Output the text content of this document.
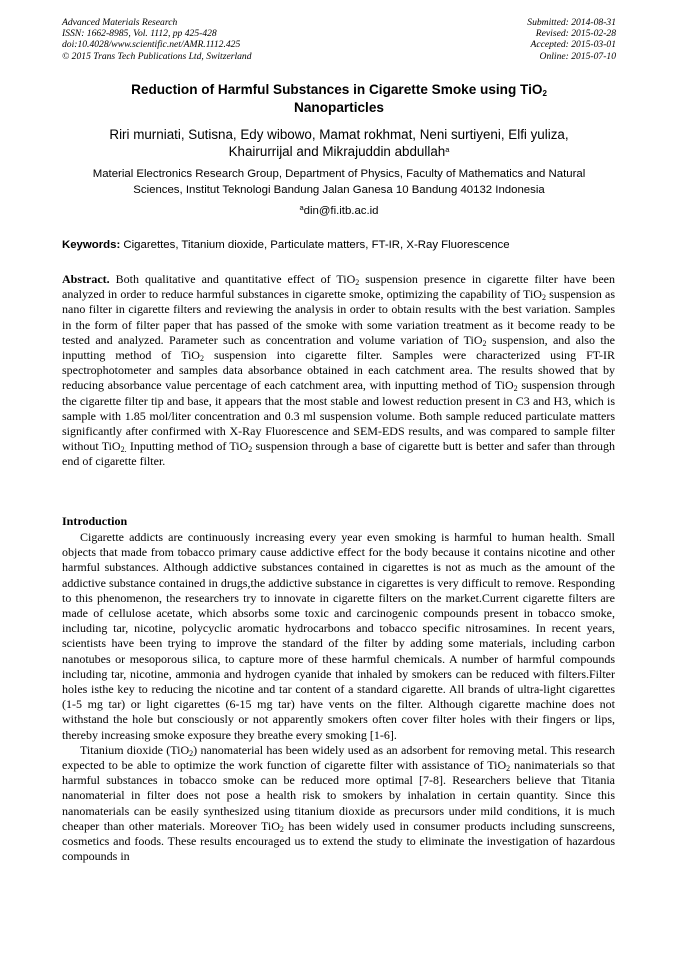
Advanced Materials Research
ISSN: 1662-8985, Vol. 1112, pp 425-428
doi:10.4028/www.scientific.net/AMR.1112.425
© 2015 Trans Tech Publications Ltd, Switzerland
Submitted: 2014-08-31
Revised: 2015-02-28
Accepted: 2015-03-01
Online: 2015-07-10
Reduction of Harmful Substances in Cigarette Smoke using TiO$_2$
Nanoparticles
Riri murniati, Sutisna, Edy wibowo, Mamat rokhmat, Neni surtiyeni, Elfi yuliza,
Khairurrijal and Mikrajuddin abdullah$^a$
Material Electronics Research Group, Department of Physics, Faculty of Mathematics and Natural
Sciences, Institut Teknologi Bandung Jalan Ganesa 10 Bandung 40132 Indonesia
$^a$din@fi.itb.ac.id
Keywords: Cigarettes, Titanium dioxide, Particulate matters, FT-IR, X-Ray Fluorescence
Abstract. Both qualitative and quantitative effect of TiO$_2$ suspension presence in cigarette filter have been analyzed in order to reduce harmful substances in cigarette smoke, optimizing the capability of TiO$_2$ suspension as nano filter in cigarette filters and reviewing the analysis in order to obtain results with the best variation. Samples in the form of filter paper that has passed of the smoke with some variation treatment as it become ready to be tested and analyzed. Parameter such as concentration and volume variation of TiO$_2$ suspension, and also the inputting method of TiO$_2$ suspension into cigarette filter. Samples were characterized using FT-IR spectrophotometer and samples data absorbance obtained in each catchment area. The results showed that by reducing absorbance value percentage of each catchment area, with inputting method of TiO$_2$ suspension through the cigarette filter tip and base, it appears that the most stable and lowest reduction present in C3 and H3, which is sample with 1.85 mol/liter concentration and 0.3 ml suspension volume. Both sample reduced particulate matters significantly after confirmed with X-Ray Fluorescence and SEM-EDS results, and was compared to sample filter without TiO$_{2.}$ Inputting method of TiO$_2$ suspension through a base of cigarette butt is better and safer than through end of cigarette filter.
Introduction

Cigarette addicts are continuously increasing every year even smoking is harmful to human health. Small objects that made from tobacco primary cause addictive effect for the body because it contains nicotine and other harmful substances. Although addictive substances contained in cigarettes is not as much as the amount of the addictive substance contained in drugs,the addictive substance in cigarettes is very difficult to remove. Responding to this phenomenon, the researchers try to innovate in cigarette filters on the market.Current cigarette filters are made of cellulose acetate, which absorbs some toxic and carcinogenic compounds present in tobacco smoke, including tar, nicotine, polycyclic aromatic hydrocarbons and tobacco specific nitrosamines. In recent years, scientists have been trying to improve the standard of the filter by adding some materials, including carbon nanotubes or mesoporous silica, to capture more of these harmful chemicals. A number of harmful compounds including tar, nicotine, ammonia and hydrogen cyanide that inhaled by smokers can be reduced with filters.Filter holes isthe key to reducing the nicotine and tar content of a standard cigarette. All brands of ultra-light cigarettes (1-5 mg tar) or light cigarettes (6-15 mg tar) have vents on the filter. Although cigarette machine does not withstand the hole but consciously or not apparently smokers often cover filter holes with their fingers or lips, thereby increasing smoke exposure they breathe every smoking [1-6].

Titanium dioxide (TiO$_2$) nanomaterial has been widely used as an adsorbent for removing metal. This research expected to be able to optimize the work function of cigarette filter with assistance of TiO$_2$ nanimaterials so that harmful substances in tobacco smoke can be reduced more optimal [7-8]. Researchers believe that Titania nanomaterial in filter does not pose a health risk to smokers by inhalation in certain quantity. Since this nanomaterials can be easily synthesized using titanium dioxide as precursors under mild conditions, it is much cheaper than other materials. Moreover TiO$_2$ has been widely used in consumer products including sunscreens, cosmetics and foods. These results encouraged us to extend the study to eliminate the investigation of hazardous compounds in
